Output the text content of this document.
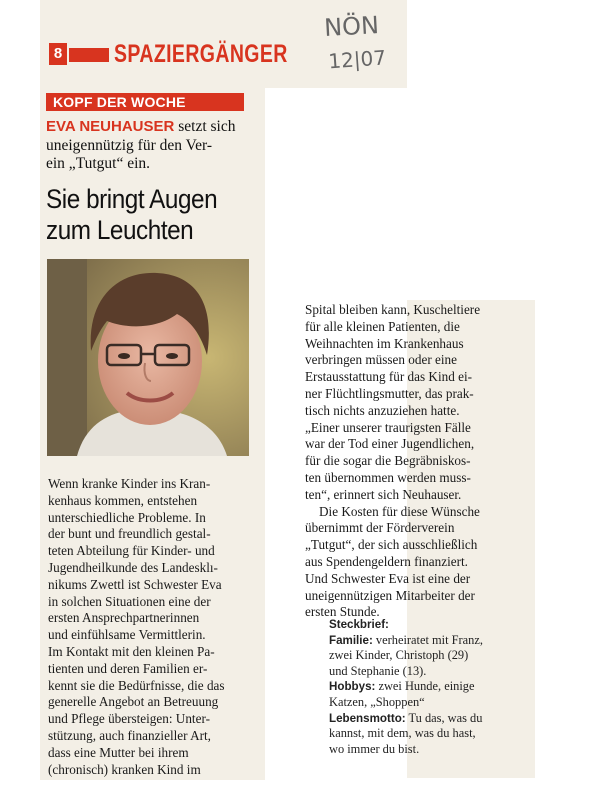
8 SPAZIERGÄNGER
NÖN
12|07
KOPF DER WOCHE
EVA NEUHAUSER setzt sich
uneigennützig für den Ver-
ein „Tutgut“ ein.
Sie bringt Augen
zum Leuchten

Wenn kranke Kinder ins Kran-

kenhaus kommen, entstehen

unterschiedliche Probleme. In

der bunt und freundlich gestal-

teten Abteilung für Kinder- und

Jugendheilkunde des Landesklı-

nikums Zwettl ist Schwester Eva

in solchen Situationen eine der

ersten Ansprechpartnerinnen

und einfühlsame Vermittlerin.

Im Kontakt mit den kleinen Pa-

tienten und deren Familien er-

kennt sie die Bedürfnisse, die das

generelle Angebot an Betreuung

und Pflege übersteigen: Unter-

stützung, auch finanzieller Art,

dass eine Mutter bei ihrem

(chronisch) kranken Kind im

Spital bleiben kann, Kuscheltiere

für alle kleinen Patienten, die

Weihnachten im Krankenhaus

verbringen müssen oder eine

Erstausstattung für das Kind ei-

ner Flüchtlingsmutter, das prak-

tisch nichts anzuziehen hatte.

„Einer unserer traurigsten Fälle

war der Tod einer Jugendlichen,

für die sogar die Begräbniskos-

ten übernommen werden muss-

ten“, erinnert sich Neuhauser.

Die Kosten für diese Wünsche

übernimmt der Förderverein

„Tutgut“, der sich ausschließlich

aus Spendengeldern finanziert.

Und Schwester Eva ist eine der

uneigennützigen Mitarbeiter der

ersten Stunde.

Steckbrief:
Familie: verheiratet mit Franz,
zwei Kinder, Christoph (29)
und Stephanie (13).
Hobbys: zwei Hunde, einige
Katzen, „Shoppen“
Lebensmotto: Tu das, was du
kannst, mit dem, was du hast,
wo immer du bist.
